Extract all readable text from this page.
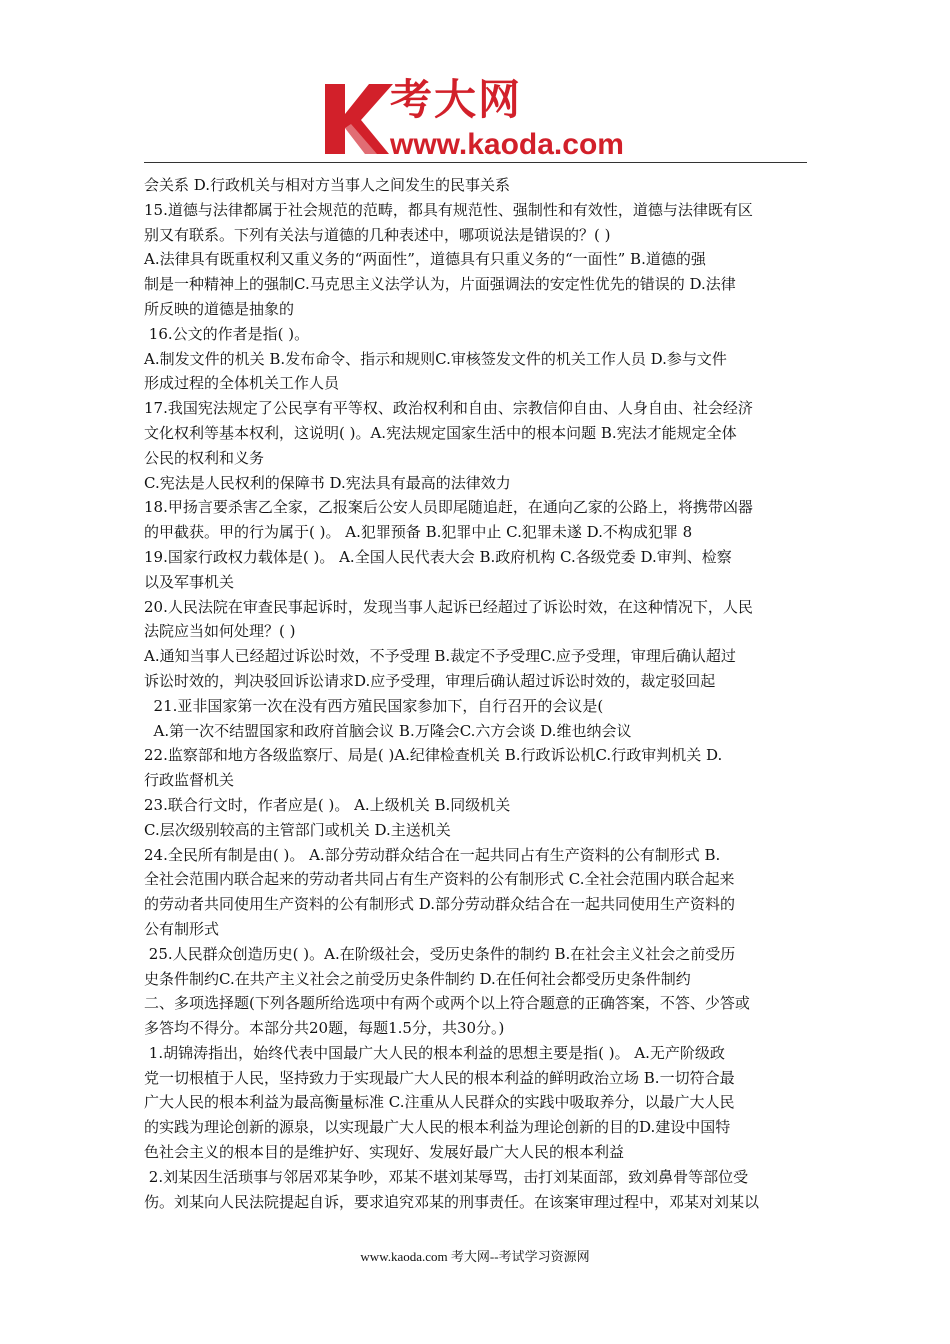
考大网
www.kaoda.com

会关系 D.行政机关与相对方当事人之间发生的民事关系

15.道德与法律都属于社会规范的范畴，都具有规范性、强制性和有效性，道德与法律既有区

别又有联系。下列有关法与道德的几种表述中，哪项说法是错误的？( )

A.法律具有既重权利又重义务的“两面性”，道德具有只重义务的“一面性” B.道德的强

制是一种精神上的强制C.马克思主义法学认为，片面强调法的安定性优先的错误的 D.法律

所反映的道德是抽象的

16.公文的作者是指( )。

A.制发文件的机关 B.发布命令、指示和规则C.审核签发文件的机关工作人员 D.参与文件

形成过程的全体机关工作人员

17.我国宪法规定了公民享有平等权、政治权利和自由、宗教信仰自由、人身自由、社会经济

文化权利等基本权利，这说明( )。A.宪法规定国家生活中的根本问题 B.宪法才能规定全体

公民的权利和义务

C.宪法是人民权利的保障书 D.宪法具有最高的法律效力

18.甲扬言要杀害乙全家，乙报案后公安人员即尾随追赶，在通向乙家的公路上，将携带凶器

的甲截获。甲的行为属于( )。 A.犯罪预备 B.犯罪中止 C.犯罪未遂 D.不构成犯罪 8

19.国家行政权力载体是( )。 A.全国人民代表大会 B.政府机构 C.各级党委 D.审判、检察

以及军事机关

20.人民法院在审查民事起诉时，发现当事人起诉已经超过了诉讼时效，在这种情况下，人民

法院应当如何处理？( )

A.通知当事人已经超过诉讼时效，不予受理 B.裁定不予受理C.应予受理，审理后确认超过

诉讼时效的，判决驳回诉讼请求D.应予受理，审理后确认超过诉讼时效的，裁定驳回起

21.亚非国家第一次在没有西方殖民国家参加下，自行召开的会议是(

A.第一次不结盟国家和政府首脑会议 B.万隆会C.六方会谈 D.维也纳会议

22.监察部和地方各级监察厅、局是( )A.纪律检查机关 B.行政诉讼机C.行政审判机关 D.

行政监督机关

23.联合行文时，作者应是( )。 A.上级机关 B.同级机关

C.层次级别较高的主管部门或机关 D.主送机关

24.全民所有制是由( )。 A.部分劳动群众结合在一起共同占有生产资料的公有制形式 B.

全社会范围内联合起来的劳动者共同占有生产资料的公有制形式 C.全社会范围内联合起来

的劳动者共同使用生产资料的公有制形式 D.部分劳动群众结合在一起共同使用生产资料的

公有制形式

25.人民群众创造历史( )。A.在阶级社会，受历史条件的制约 B.在社会主义社会之前受历

史条件制约C.在共产主义社会之前受历史条件制约 D.在任何社会都受历史条件制约

二、多项选择题(下列各题所给选项中有两个或两个以上符合题意的正确答案，不答、少答或

多答均不得分。本部分共20题，每题1.5分，共30分。)

1.胡锦涛指出，始终代表中国最广大人民的根本利益的思想主要是指( )。 A.无产阶级政

党一切根植于人民，坚持致力于实现最广大人民的根本利益的鲜明政治立场 B.一切符合最

广大人民的根本利益为最高衡量标准 C.注重从人民群众的实践中吸取养分，以最广大人民

的实践为理论创新的源泉，以实现最广大人民的根本利益为理论创新的目的D.建设中国特

色社会主义的根本目的是维护好、实现好、发展好最广大人民的根本利益

2.刘某因生活琐事与邻居邓某争吵，邓某不堪刘某辱骂，击打刘某面部，致刘鼻骨等部位受

伤。刘某向人民法院提起自诉，要求追究邓某的刑事责任。在该案审理过程中，邓某对刘某以

www.kaoda.com 考大网--考试学习资源网
